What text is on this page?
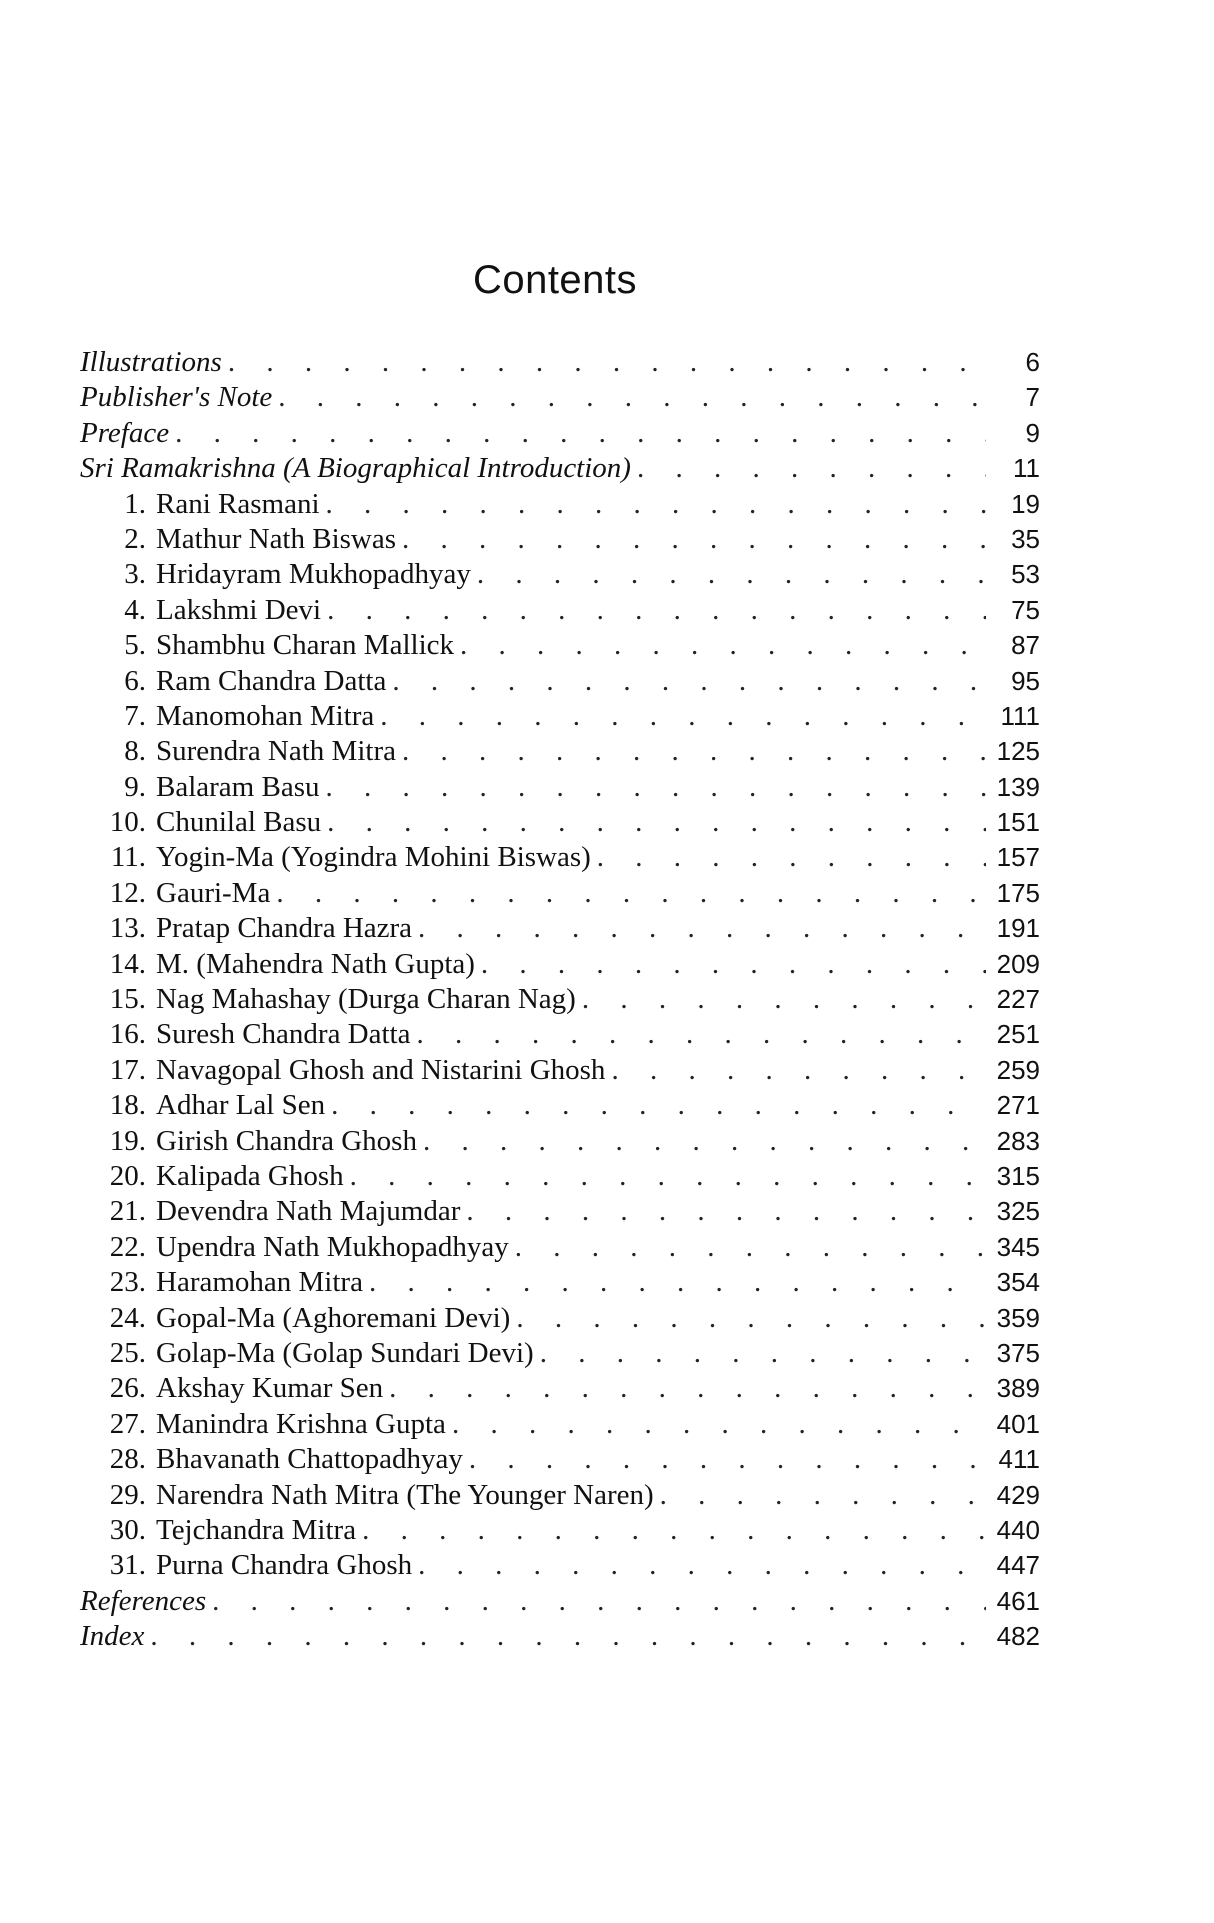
Contents
Illustrations . . .	6
Publisher's Note . . .	7
Preface . . .	9
Sri Ramakrishna (A Biographical Introduction) . . .	11
1. Rani Rasmani . . .	19
2. Mathur Nath Biswas . . .	35
3. Hridayram Mukhopadhyay . . .	53
4. Lakshmi Devi . . .	75
5. Shambhu Charan Mallick . . .	87
6. Ram Chandra Datta . . .	95
7. Manomohan Mitra . . .	111
8. Surendra Nath Mitra . . .	125
9. Balaram Basu . . .	139
10. Chunilal Basu . . .	151
11. Yogin-Ma (Yogindra Mohini Biswas) . . .	157
12. Gauri-Ma . . .	175
13. Pratap Chandra Hazra . . .	191
14. M. (Mahendra Nath Gupta) . . .	209
15. Nag Mahashay (Durga Charan Nag) . . .	227
16. Suresh Chandra Datta . . .	251
17. Navagopal Ghosh and Nistarini Ghosh . . .	259
18. Adhar Lal Sen . . .	271
19. Girish Chandra Ghosh . . .	283
20. Kalipada Ghosh . . .	315
21. Devendra Nath Majumdar . . .	325
22. Upendra Nath Mukhopadhyay . . .	345
23. Haramohan Mitra . . .	354
24. Gopal-Ma (Aghoremani Devi) . . .	359
25. Golap-Ma (Golap Sundari Devi) . . .	375
26. Akshay Kumar Sen . . .	389
27. Manindra Krishna Gupta . . .	401
28. Bhavanath Chattopadhyay . . .	411
29. Narendra Nath Mitra (The Younger Naren) . . .	429
30. Tejchandra Mitra . . .	440
31. Purna Chandra Ghosh . . .	447
References . . .	461
Index . . .	482
